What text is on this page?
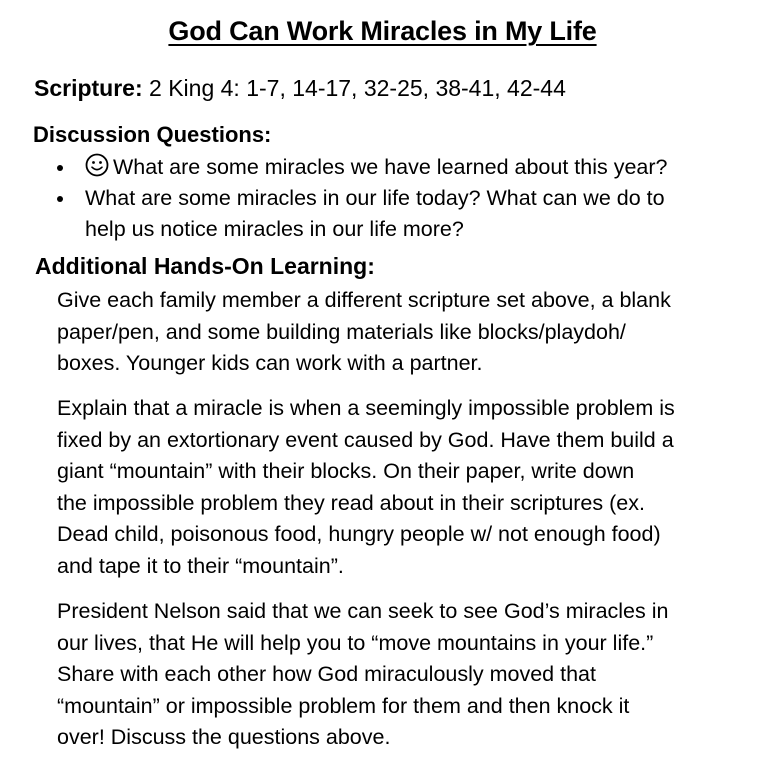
God Can Work Miracles in My Life
Scripture: 2 King 4: 1-7, 14-17, 32-25, 38-41, 42-44
Discussion Questions:
What are some miracles we have learned about this year?
What are some miracles in our life today? What can we do to
help us notice miracles in our life more?
Additional Hands-On Learning:
Give each family member a different scripture set above, a blank
paper/pen, and some building materials like blocks/playdoh/
boxes. Younger kids can work with a partner.
Explain that a miracle is when a seemingly impossible problem is
fixed by an extortionary event caused by God. Have them build a
giant “mountain” with their blocks. On their paper, write down
the impossible problem they read about in their scriptures (ex.
Dead child, poisonous food, hungry people w/ not enough food)
and tape it to their “mountain”.
President Nelson said that we can seek to see God’s miracles in
our lives, that He will help you to “move mountains in your life.”
Share with each other how God miraculously moved that
“mountain” or impossible problem for them and then knock it
over! Discuss the questions above.
